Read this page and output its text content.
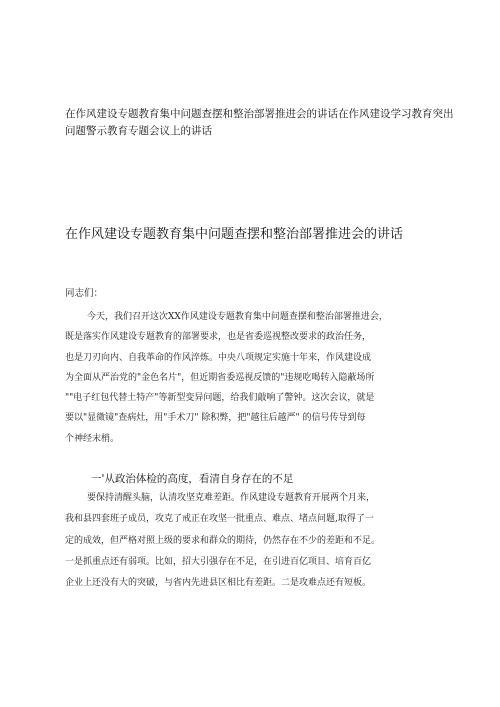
在作风建设专题教育集中问题查摆和整治部署推进会的讲话在作风建设学习教育突出
问题警示教育专题会议上的讲话
在作风建设专题教育集中问题查摆和整治部署推进会的讲话
同志们：
今天，我们召开这次XX作风建设专题教育集中问题查摆和整治部署推进会，
既是落实作风建设专题教育的部署要求，也是省委巡视整改要求的政治任务，
也是刀刃向内、自我革命的作风淬炼。中央八项规定实施十年来，作风建设成
为全面从严治党的"金色名片"，但近期省委巡视反馈的"违规吃喝转入隐蔽场所
""电子红包代替土特产"等新型变异问题，给我们敲响了警钟。这次会议，就是
要以"显微镜"查病灶，用"手术刀" 除积弊，把"越往后越严" 的信号传导到每
个神经末梢。
一'从政治体检的高度，看清自身存在的不足
要保持清醒头脑，认清攻坚克难差距。作风建设专题教育开展两个月来，
我和县四套班子成员，攻克了戒正在攻坚一批重点、难点、堵点问题,取得了一
定的成效，但严格对照上级的要求和群众的期待，仍然存在不少的差距和不足。
一是抓重点还有弱项。比如，招大引强存在不足，在引进百亿项目、培育百亿
企业上还没有大的突破，与省内先进县区相比有差距。二是攻难点还有短板。
